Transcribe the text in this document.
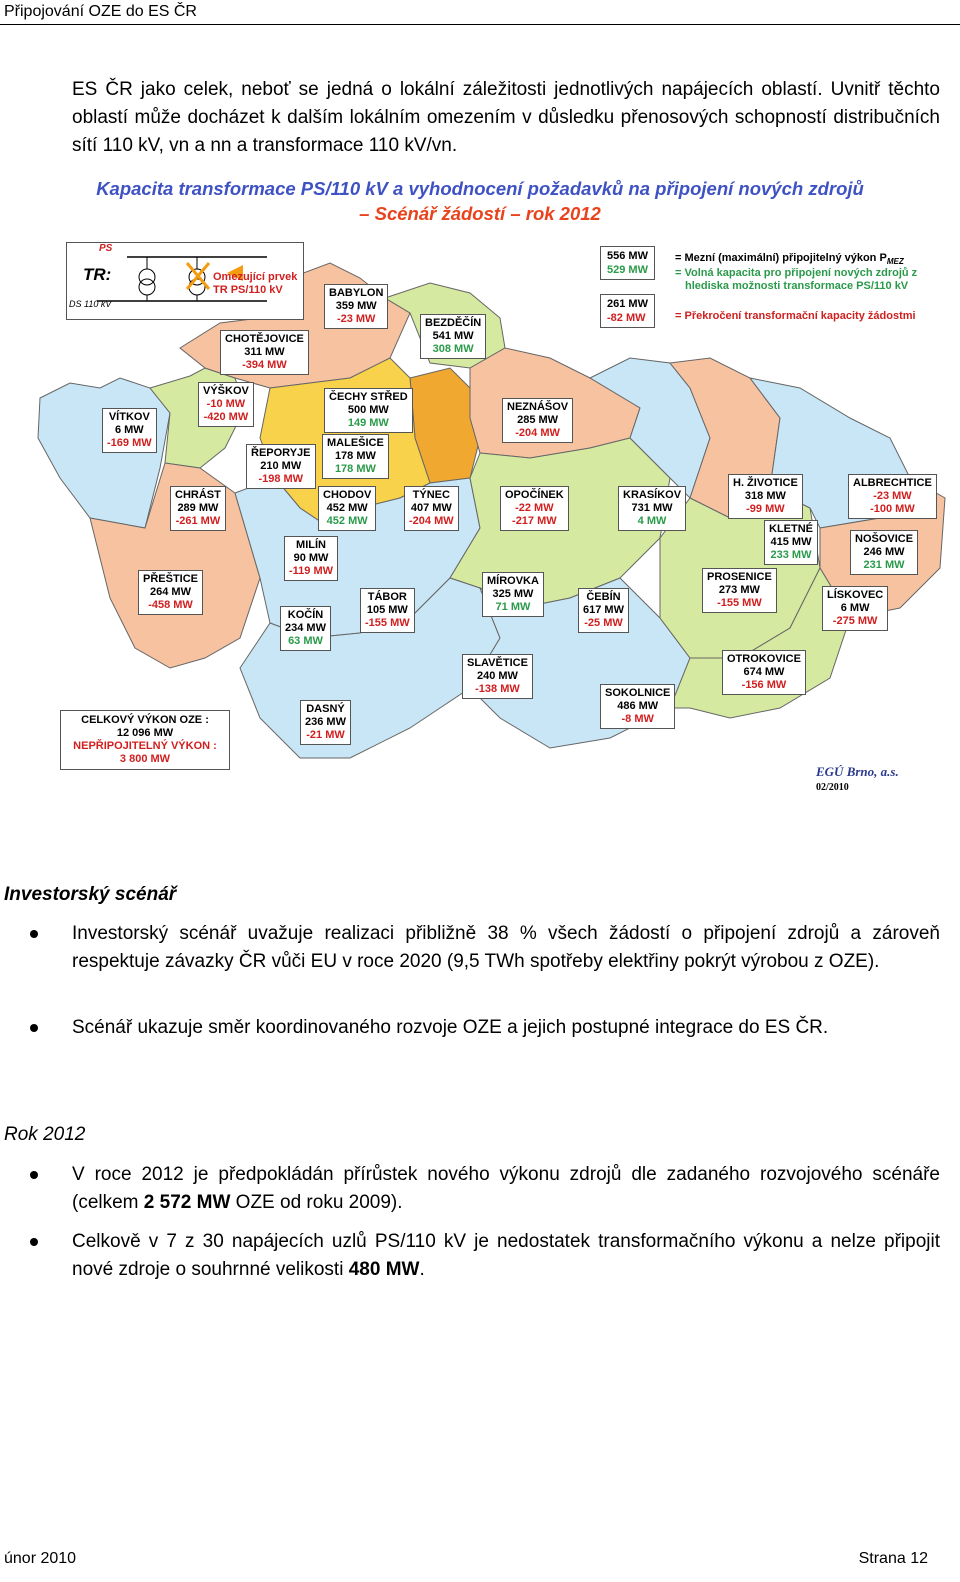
Připojování OZE do ES ČR

ES ČR jako celek, neboť se jedná o lokální záležitosti jednotlivých napájecích oblastí. Uvnitř těchto oblastí může docházet k dalším lokálním omezením v důsledku přenosových schopností distribučních sítí 110 kV, vn a nn a transformace 110 kV/vn.

Kapacita transformace PS/110 kV a vyhodnocení požadavků na připojení nových zdrojů
– Scénář žádostí – rok 2012
PS
TR:
DS 110 kV
Omezující prvek
TR PS/110 kV
556 MW
529 MW
261 MW
-82 MW
= Mezní (maximální) připojitelný výkon $P_{MEZ}$
= Volná kapacita pro připojení nových zdrojů z
hlediska možnosti transformace PS/110 kV
= Překročení transformační kapacity žádostmi
BABYLON
359 MW
-23 MW	BEZDĚČÍN
541 MW
308 MW
CHOTĚJOVICE
311 MW
-394 MW
VÝŠKOV
-10 MW
-420 MW
ČECHY STŘED
500 MW
149 MW
VÍTKOV
6 MW
-169 MW
NEZNÁŠOV
285 MW
-204 MW
MALEŠICE
178 MW
178 MW
ŘEPORYJE
210 MW
-198 MW
CHODOV
452 MW
452 MW
TÝNEC
407 MW
-204 MW
OPOČÍNEK
-22 MW
-217 MW
KRASÍKOV
731 MW
4 MW
H. ŽIVOTICE
318 MW
-99 MW
ALBRECHTICE
-23 MW
-100 MW
CHRÁST
289 MW
-261 MW
KLETNÉ
415 MW
233 MW
MILÍN
90 MW
-119 MW
NOŠOVICE
246 MW
231 MW
PŘEŠTICE
264 MW
-458 MW
MÍROVKA
325 MW
71 MW
PROSENICE
273 MW
-155 MW
TÁBOR
105 MW
-155 MW
ČEBÍN
617 MW
-25 MW
LÍSKOVEC
6 MW
-275 MW
KOČÍN
234 MW
63 MW
SLAVĚTICE
240 MW
-138 MW
OTROKOVICE
674 MW
-156 MW
SOKOLNICE
486 MW
-8 MW
DASNÝ
236 MW
-21 MW
CELKOVÝ VÝKON OZE :
12 096 MW
NEPŘIPOJITELNÝ VÝKON :
3 800 MW
EGÚ Brno, a.s.
02/2010
Investorský scénář
Investorský scénář uvažuje realizaci přibližně 38 % všech žádostí o připojení zdrojů a zároveň respektuje závazky ČR vůči EU v roce 2020 (9,5 TWh spotřeby elektřiny pokrýt výrobou z OZE).
Scénář ukazuje směr koordinovaného rozvoje OZE a jejich postupné integrace do ES ČR.
Rok 2012
V roce 2012 je předpokládán přírůstek nového výkonu zdrojů dle zadaného rozvojového scénáře (celkem 2 572 MW OZE od roku 2009).
Celkově v 7 z 30 napájecích uzlů PS/110 kV je nedostatek transformačního výkonu a nelze připojit nové zdroje o souhrnné velikosti 480 MW.
únor 2010	Strana 12
